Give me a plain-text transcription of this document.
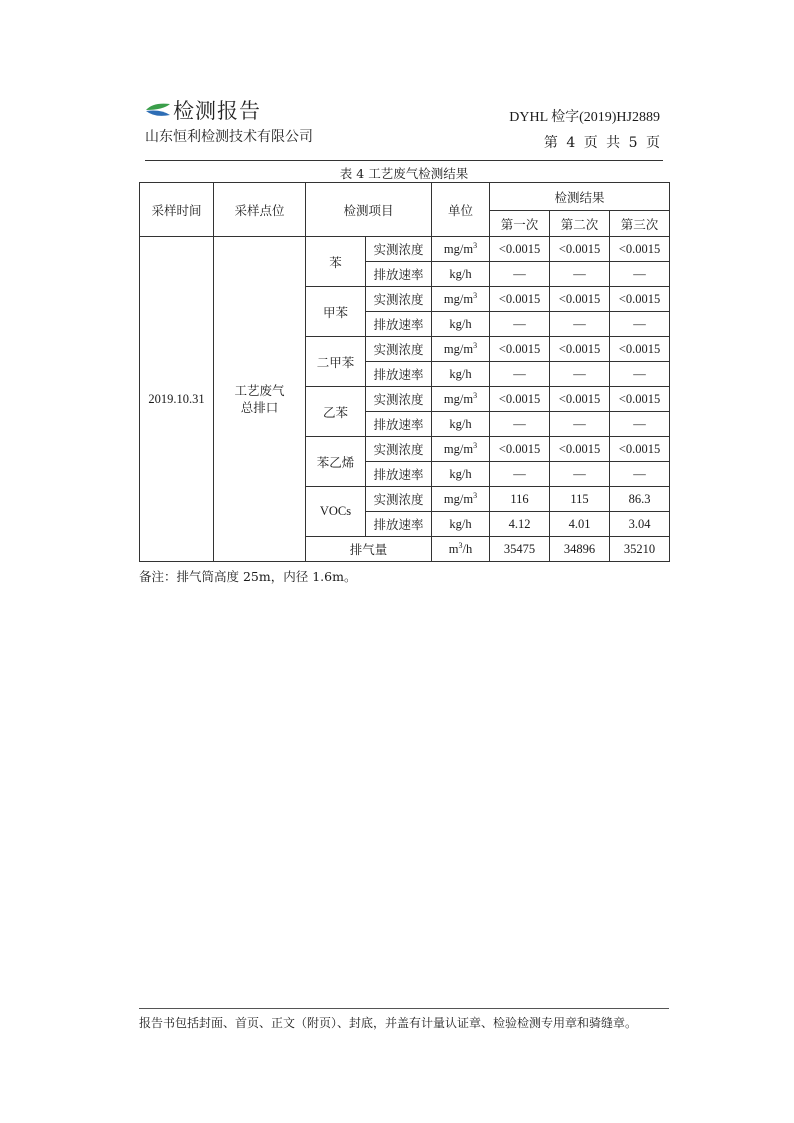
检测报告
山东恒利检测技术有限公司
DYHL 检字(2019)HJ2889
第 4 页 共 5 页
表 4 工艺废气检测结果
采样时间	采样点位	检测项目		单位	检测结果		
					第一次	第二次	第三次
2019.10.31	工艺废气总排口	苯	实测浓度	$mg/m^3$	<0.0015	<0.0015	<0.0015
			排放速率	kg/h	—	—	—
		甲苯	实测浓度	$mg/m^3$	<0.0015	<0.0015	<0.0015
			排放速率	kg/h	—	—	—
		二甲苯	实测浓度	$mg/m^3$	<0.0015	<0.0015	<0.0015
			排放速率	kg/h	—	—	—
		乙苯	实测浓度	$mg/m^3$	<0.0015	<0.0015	<0.0015
			排放速率	kg/h	—	—	—
		苯乙烯	实测浓度	$mg/m^3$	<0.0015	<0.0015	<0.0015
			排放速率	kg/h	—	—	—
		VOCs	实测浓度	$mg/m^3$	116	115	86.3
			排放速率	kg/h	4.12	4.01	3.04
		排气量		$m^3/h$	35475	34896	35210
备注：排气筒高度 25m，内径 1.6m。
报告书包括封面、首页、正文（附页）、封底，并盖有计量认证章、检验检测专用章和骑缝章。
